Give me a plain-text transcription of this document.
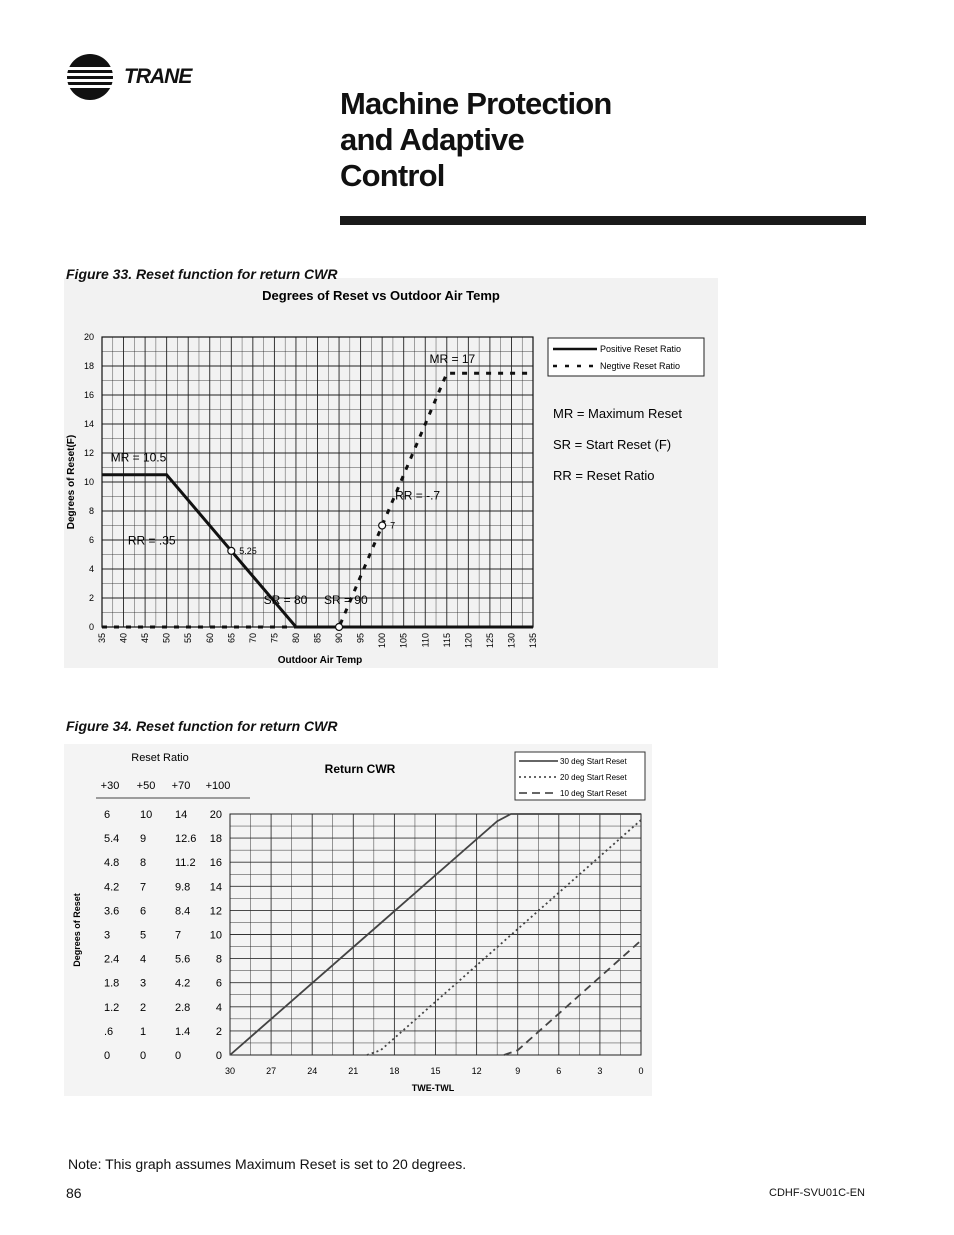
TRANE
Machine Protection
and Adaptive
Control
Figure 33. Reset function for return CWR
Degrees of Reset vs Outdoor Air Temp
0
2
4
6
8
10
12
14
16
18
20
35 40 45 50 55 60 65 70 75 80 85 90 95 100 105 110 115 120 125 130 135
Outdoor Air Temp
Degrees of Reset(F)
5.25
7
MR = 10.5
RR = .35
SR = 80 SR = 90
RR = -.7
MR = 17
Positive Reset Ratio
Negtive Reset Ratio
MR = Maximum Reset
SR = Start Reset (F)
RR = Reset Ratio
Figure 34. Reset function for return CWR
Return CWR
30	27	24	21	18	15	12	9	6	3	0
TWE-TWL
Degrees of Reset
Reset Ratio
+30 +50 +70 +100
6	10 14 20
5.4 9	12.6 18
4.8 8	11.2 16
4.2 7	9.8 14
3.6 6	8.4 12
3	5	7	10
2.4 4	5.6 8
1.8 3	4.2 6
1.2 2	2.8 4
.6 1	1.4 2
0	0	0	0
30 deg Start Reset
20 deg Start Reset
10 deg Start Reset
Note: This graph assumes Maximum Reset is set to 20 degrees.
86	CDHF-SVU01C-EN
